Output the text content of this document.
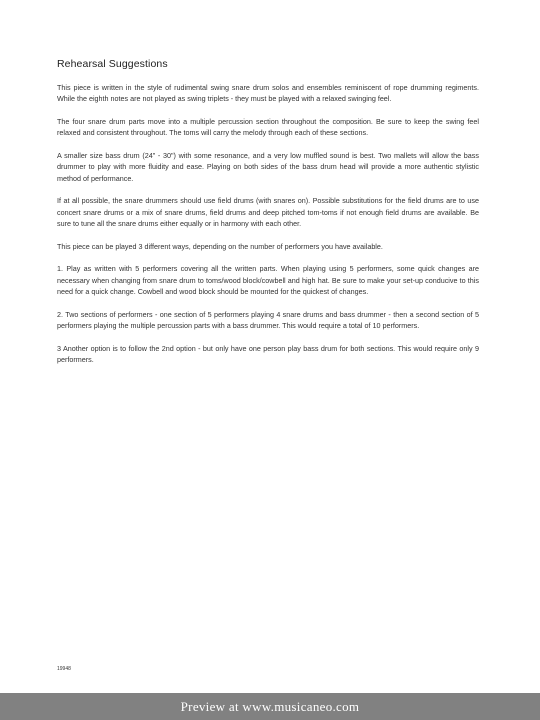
Rehearsal Suggestions

This piece is written in the style of rudimental swing snare drum solos and ensembles reminiscent of rope drumming regiments. While the eighth notes are not played as swing triplets - they must be played with a relaxed swinging feel.

The four snare drum parts move into a multiple percussion section throughout the composition. Be sure to keep the swing feel relaxed and consistent throughout. The toms will carry the melody through each of these sections.

A smaller size bass drum (24" - 30") with some resonance, and a very low muffled sound is best. Two mallets will allow the bass drummer to play with more fluidity and ease. Playing on both sides of the bass drum head will provide a more authentic stylistic method of performance.

If at all possible, the snare drummers should use field drums (with snares on). Possible substitutions for the field drums are to use concert snare drums or a mix of snare drums, field drums and deep pitched tom-toms if not enough field drums are available. Be sure to tune all the snare drums either equally or in harmony with each other.

This piece can be played 3 different ways, depending on the number of performers you have available.

1. Play as written with 5 performers covering all the written parts. When playing using 5 performers, some quick changes are necessary when changing from snare drum to toms/wood block/cowbell and high hat. Be sure to make your set-up conducive to this need for a quick change. Cowbell and wood block should be mounted for the quickest of changes.

2. Two sections of performers - one section of 5 performers playing 4 snare drums and bass drummer - then a second section of 5 performers playing the multiple percussion parts with a bass drummer. This would require a total of 10 performers.

3 Another option is to follow the 2nd option - but only have one person play bass drum for both sections. This would require only 9 performers.

19948
Preview at www.musicaneo.com
